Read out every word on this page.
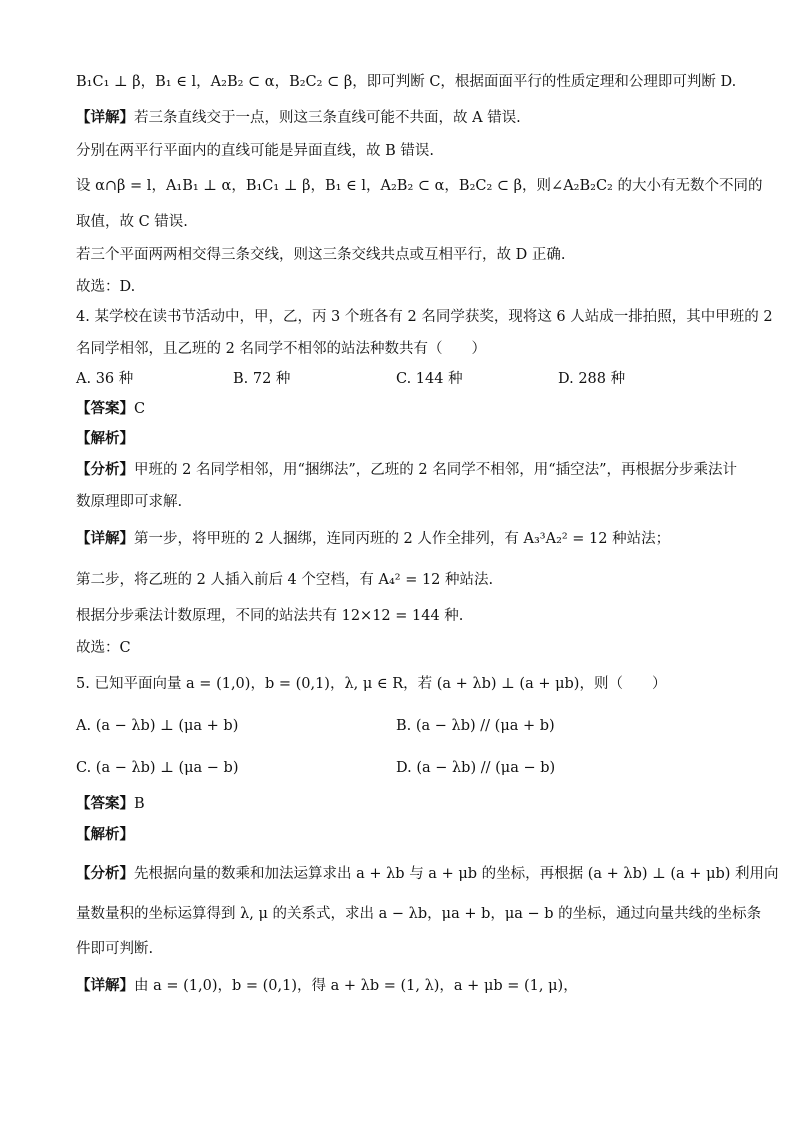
B₁C₁ ⊥ β，B₁ ∈ l，A₂B₂ ⊂ α，B₂C₂ ⊂ β，即可判断 C，根据面面平行的性质定理和公理即可判断 D.
【详解】若三条直线交于一点，则这三条直线可能不共面，故 A 错误.
分别在两平行平面内的直线可能是异面直线，故 B 错误.
设 α∩β = l，A₁B₁ ⊥ α，B₁C₁ ⊥ β，B₁ ∈ l，A₂B₂ ⊂ α，B₂C₂ ⊂ β，则∠A₂B₂C₂ 的大小有无数个不同的
取值，故 C 错误.
若三个平面两两相交得三条交线，则这三条交线共点或互相平行，故 D 正确.
故选：D.
4. 某学校在读书节活动中，甲，乙，丙 3 个班各有 2 名同学获奖，现将这 6 人站成一排拍照，其中甲班的 2
名同学相邻，且乙班的 2 名同学不相邻的站法种数共有（　　）
A. 36 种	B. 72 种	C. 144 种	D. 288 种
【答案】C
【解析】
【分析】甲班的 2 名同学相邻，用“捆绑法”，乙班的 2 名同学不相邻，用“插空法”，再根据分步乘法计
数原理即可求解.
【详解】第一步，将甲班的 2 人捆绑，连同丙班的 2 人作全排列，有 A₃³A₂² = 12 种站法；
第二步，将乙班的 2 人插入前后 4 个空档，有 A₄² = 12 种站法.
根据分步乘法计数原理，不同的站法共有 12×12 = 144 种.
故选：C
5. 已知平面向量 a = (1,0)，b = (0,1)，λ, μ ∈ R，若 (a + λb) ⊥ (a + μb)，则（　　）
A. (a − λb) ⊥ (μa + b)	B. (a − λb) // (μa + b)
C. (a − λb) ⊥ (μa − b)	D. (a − λb) // (μa − b)
【答案】B
【解析】
【分析】先根据向量的数乘和加法运算求出 a + λb 与 a + μb 的坐标，再根据 (a + λb) ⊥ (a + μb) 利用向
量数量积的坐标运算得到 λ, μ 的关系式，求出 a − λb，μa + b，μa − b 的坐标，通过向量共线的坐标条
件即可判断.
【详解】由 a = (1,0)，b = (0,1)，得 a + λb = (1, λ)，a + μb = (1, μ)，
